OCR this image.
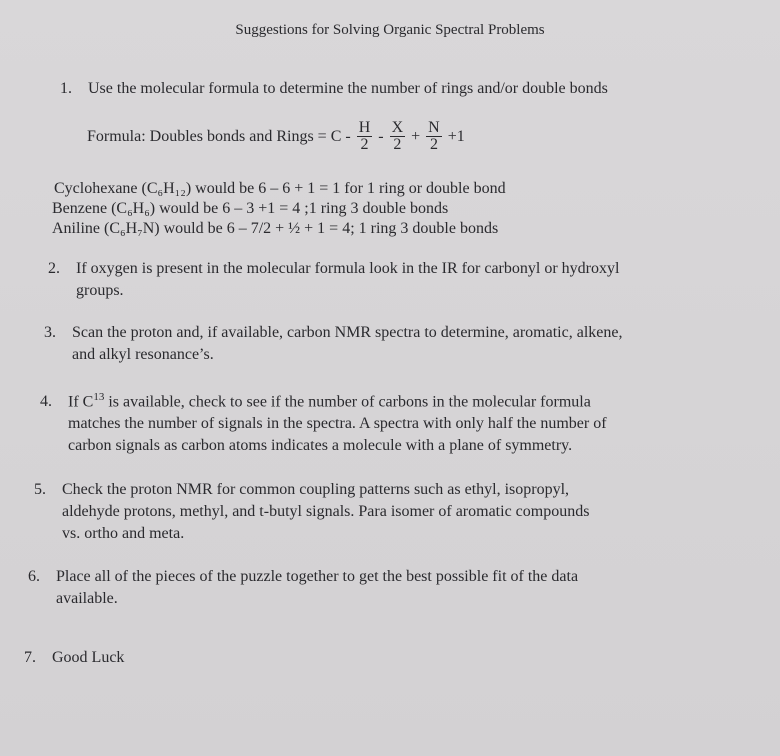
Suggestions for Solving Organic Spectral Problems
1. Use the molecular formula to determine the number of rings and/or double bonds
Formula: Doubles bonds and Rings = $C - \frac{H}{2} - \frac{X}{2} + \frac{N}{2} +1$
Cyclohexane (C₆H₁₂) would be 6 – 6 + 1 = 1 for 1 ring or double bond
Benzene (C₆H₆) would be 6 – 3 +1 = 4 ;1 ring 3 double bonds
Aniline (C₆H₇N) would be 6 – 7/2 + ½ + 1 = 4; 1 ring 3 double bonds
2. If oxygen is present in the molecular formula look in the IR for carbonyl or hydroxyl
groups.
3. Scan the proton and, if available, carbon NMR spectra to determine, aromatic, alkene,
and alkyl resonance’s.
4. If $C^{13}$ is available, check to see if the number of carbons in the molecular formula
matches the number of signals in the spectra. A spectra with only half the number of
carbon signals as carbon atoms indicates a molecule with a plane of symmetry.
5. Check the proton NMR for common coupling patterns such as ethyl, isopropyl,
aldehyde protons, methyl, and t-butyl signals. Para isomer of aromatic compounds
vs. ortho and meta.
6. Place all of the pieces of the puzzle together to get the best possible fit of the data
available.
7. Good Luck
